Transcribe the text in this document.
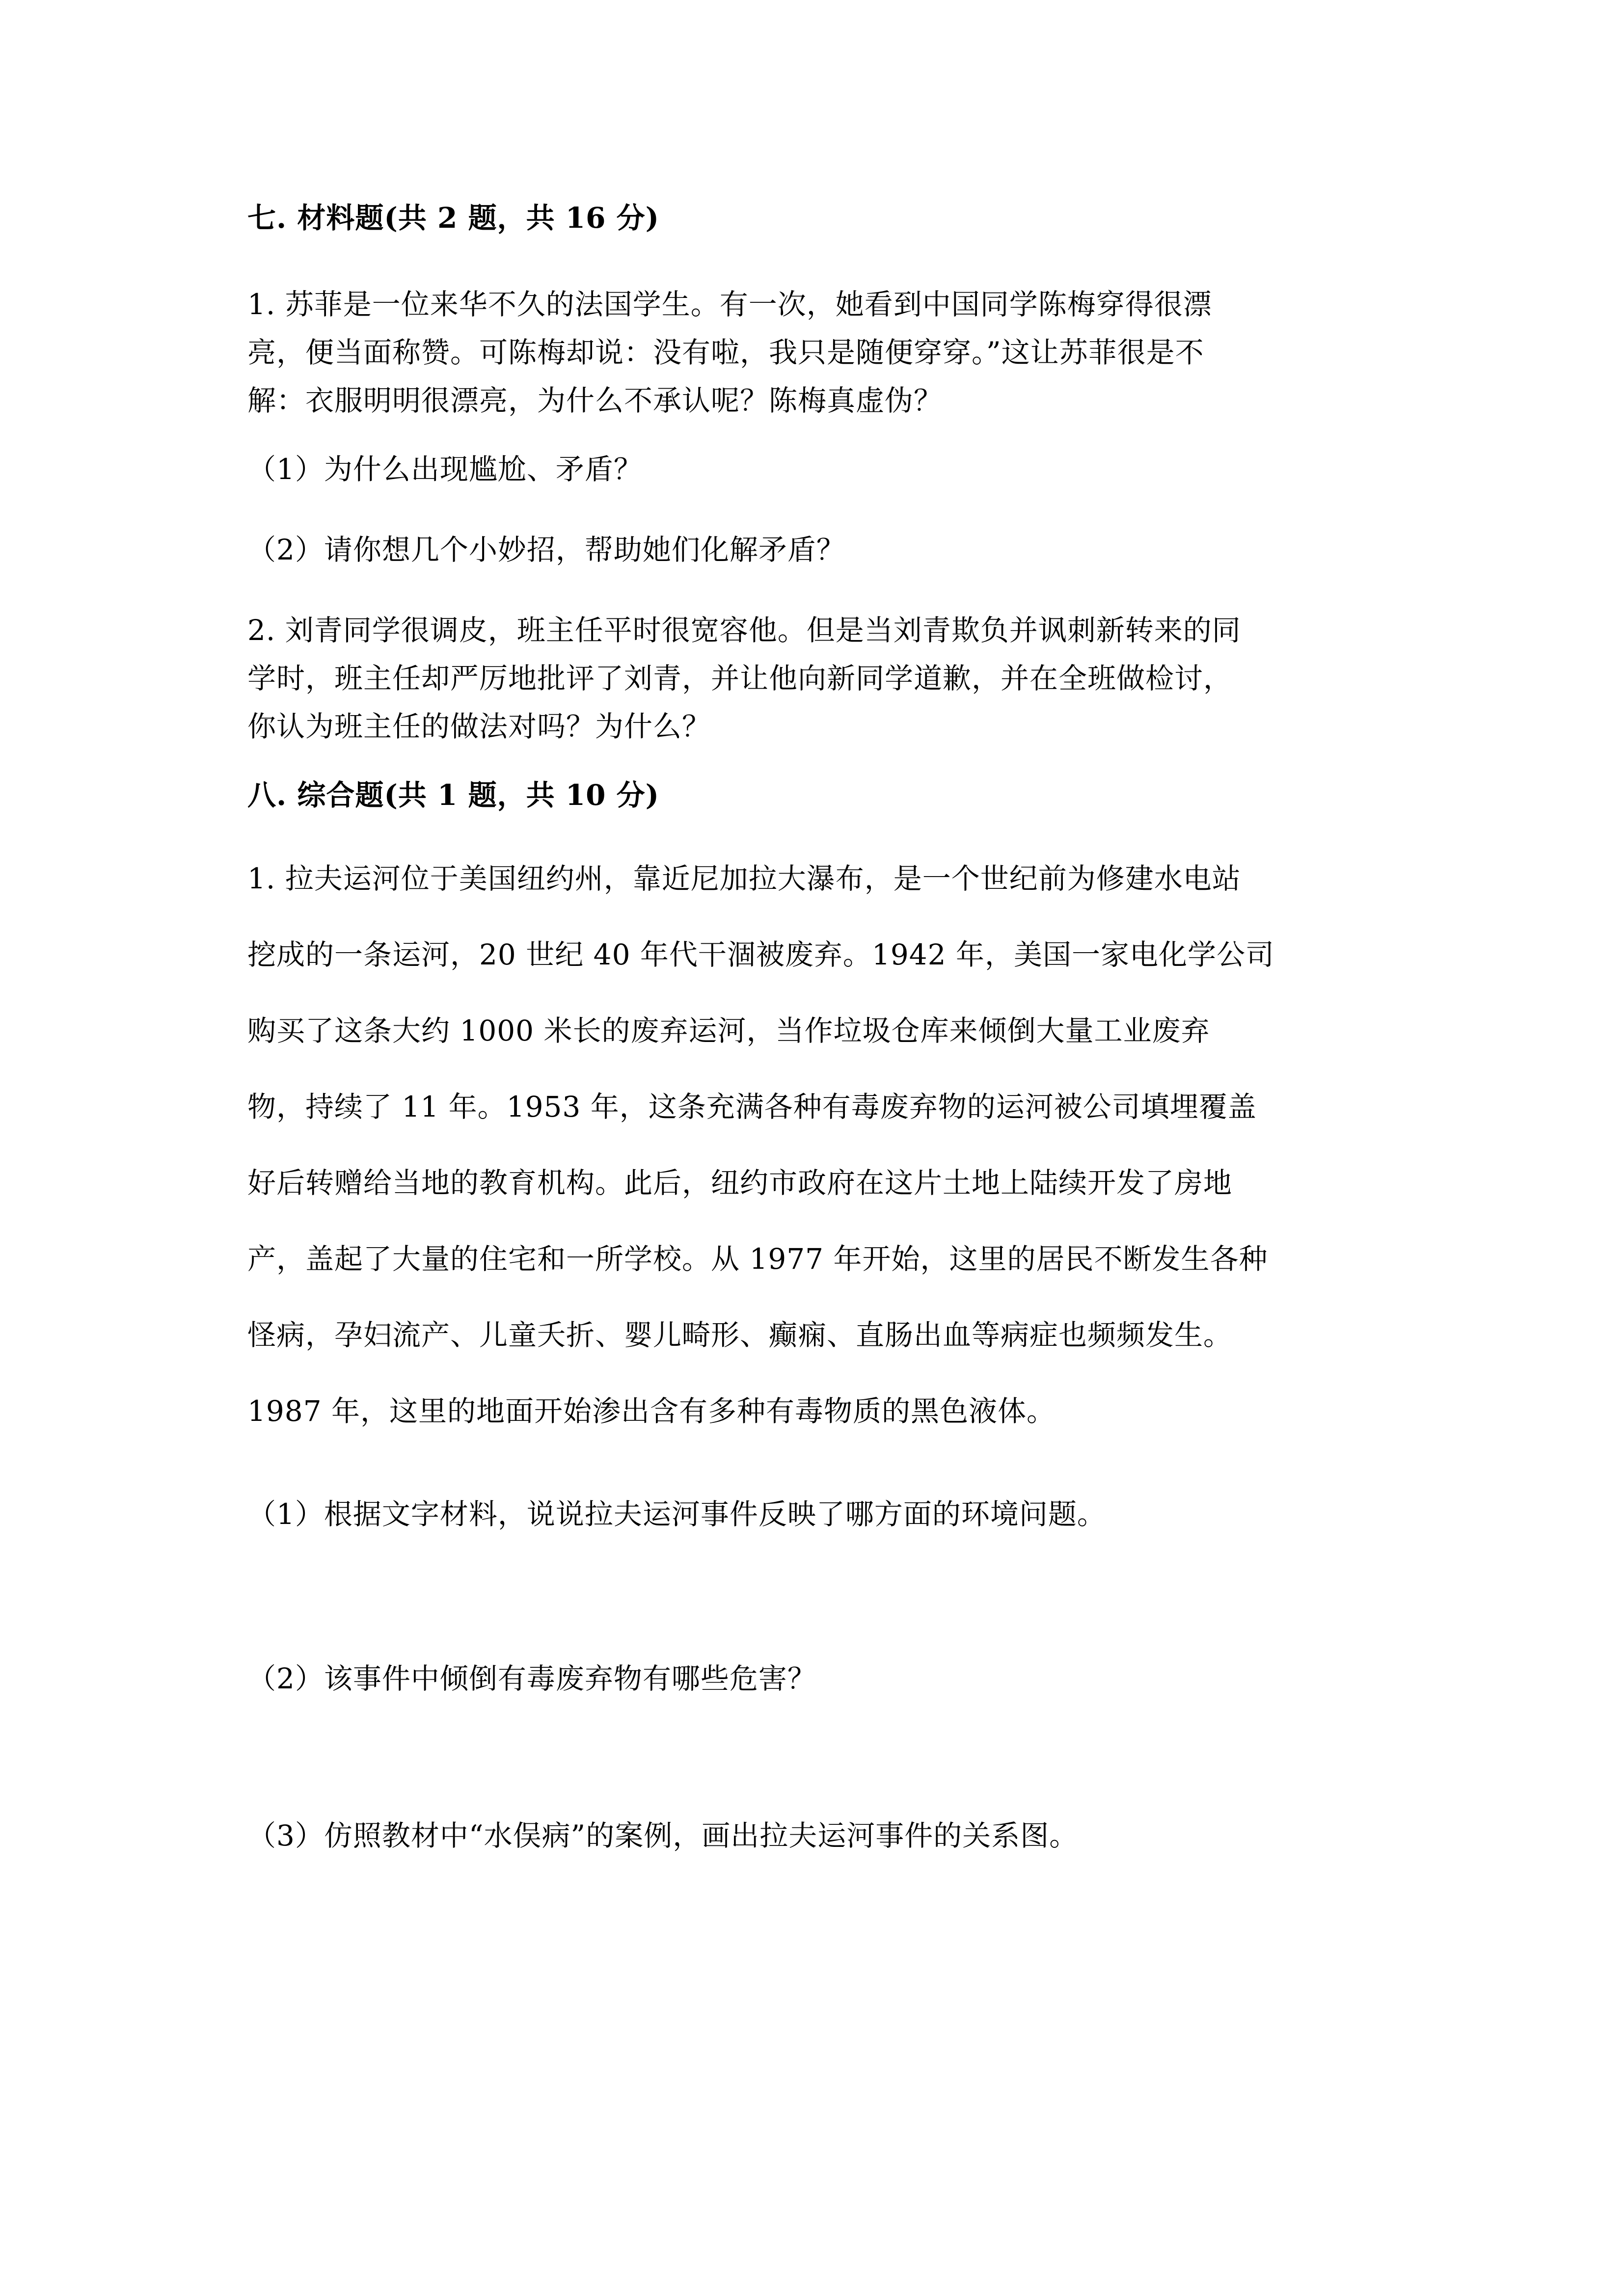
七. 材料题(共 2 题，共 16 分)
1. 苏菲是一位来华不久的法国学生。有一次，她看到中国同学陈梅穿得很漂
亮，便当面称赞。可陈梅却说：没有啦，我只是随便穿穿。”这让苏菲很是不
解：衣服明明很漂亮，为什么不承认呢？陈梅真虚伪？
（1）为什么出现尴尬、矛盾？
（2）请你想几个小妙招，帮助她们化解矛盾？
2. 刘青同学很调皮，班主任平时很宽容他。但是当刘青欺负并讽刺新转来的同
学时，班主任却严厉地批评了刘青，并让他向新同学道歉，并在全班做检讨，
你认为班主任的做法对吗？为什么？
八. 综合题(共 1 题，共 10 分)
1. 拉夫运河位于美国纽约州，靠近尼加拉大瀑布，是一个世纪前为修建水电站
挖成的一条运河，20 世纪 40 年代干涸被废弃。1942 年，美国一家电化学公司
购买了这条大约 1000 米长的废弃运河，当作垃圾仓库来倾倒大量工业废弃
物，持续了 11 年。1953 年，这条充满各种有毒废弃物的运河被公司填埋覆盖
好后转赠给当地的教育机构。此后，纽约市政府在这片土地上陆续开发了房地
产，盖起了大量的住宅和一所学校。从 1977 年开始，这里的居民不断发生各种
怪病，孕妇流产、儿童夭折、婴儿畸形、癫痫、直肠出血等病症也频频发生。
1987 年，这里的地面开始渗出含有多种有毒物质的黑色液体。
（1）根据文字材料，说说拉夫运河事件反映了哪方面的环境问题。
（2）该事件中倾倒有毒废弃物有哪些危害？
（3）仿照教材中“水俣病”的案例，画出拉夫运河事件的关系图。
